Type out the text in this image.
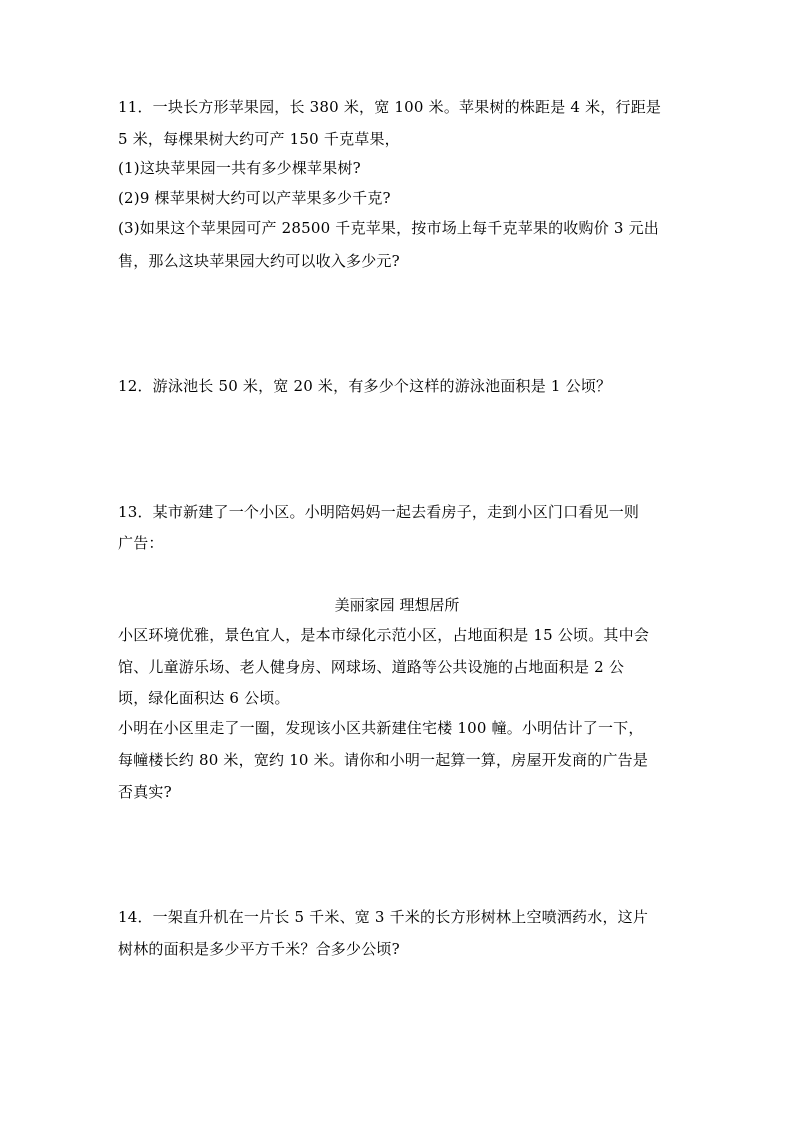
11．一块长方形苹果园，长 380 米，宽 100 米。苹果树的株距是 4 米，行距是
5 米，每棵果树大约可产 150 千克草果，
(1)这块苹果园一共有多少棵苹果树?
(2)9 棵苹果树大约可以产苹果多少千克?
(3)如果这个苹果园可产 28500 千克苹果，按市场上每千克苹果的收购价 3 元出
售，那么这块苹果园大约可以收入多少元?
12．游泳池长 50 米，宽 20 米，有多少个这样的游泳池面积是 1 公顷？
13．某市新建了一个小区。小明陪妈妈一起去看房子，走到小区门口看见一则
广告：
美丽家园 理想居所
小区环境优雅，景色宜人，是本市绿化示范小区，占地面积是 15 公顷。其中会
馆、儿童游乐场、老人健身房、网球场、道路等公共设施的占地面积是 2 公
顷，绿化面积达 6 公顷。
小明在小区里走了一圈，发现该小区共新建住宅楼 100 幢。小明估计了一下，
每幢楼长约 80 米，宽约 10 米。请你和小明一起算一算，房屋开发商的广告是
否真实?
14．一架直升机在一片长 5 千米、宽 3 千米的长方形树林上空喷洒药水，这片
树林的面积是多少平方千米？合多少公顷?
